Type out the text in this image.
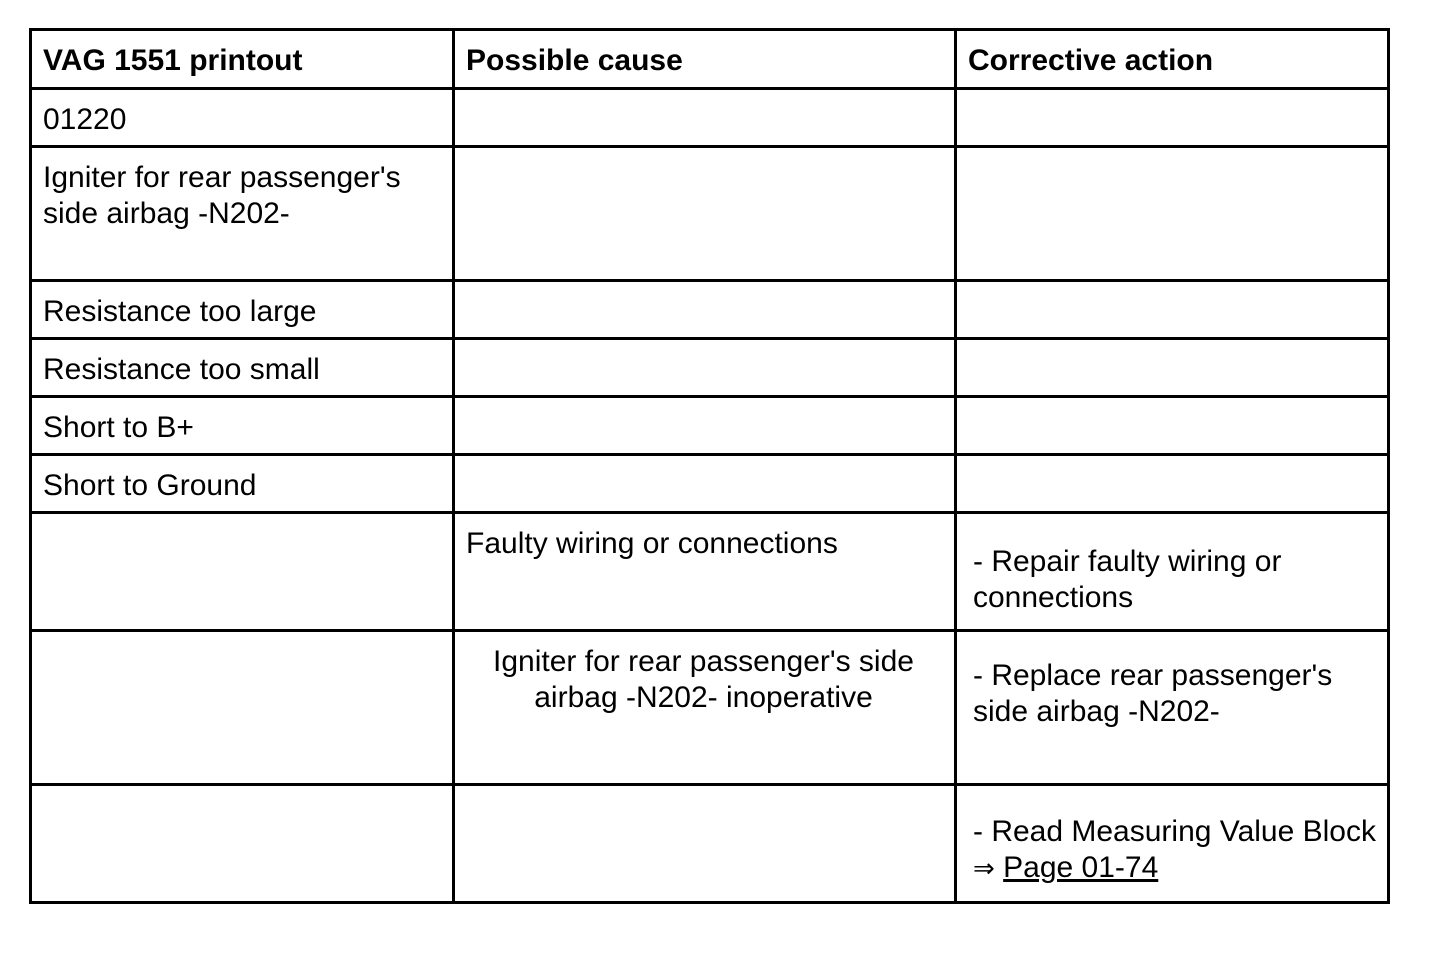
VAG 1551 printout	Possible cause	Corrective action

01220		

Igniter for rear passenger's side airbag -N202-		

Resistance too large		

Resistance too small		

Short to B+		

Short to Ground		

	Faulty wiring or connections	- Repair faulty wiring or connections

	Igniter for rear passenger's side airbag -N202- inoperative	- Replace rear passenger's side airbag -N202-

		- Read Measuring Value Block ⇒ Page 01-74
